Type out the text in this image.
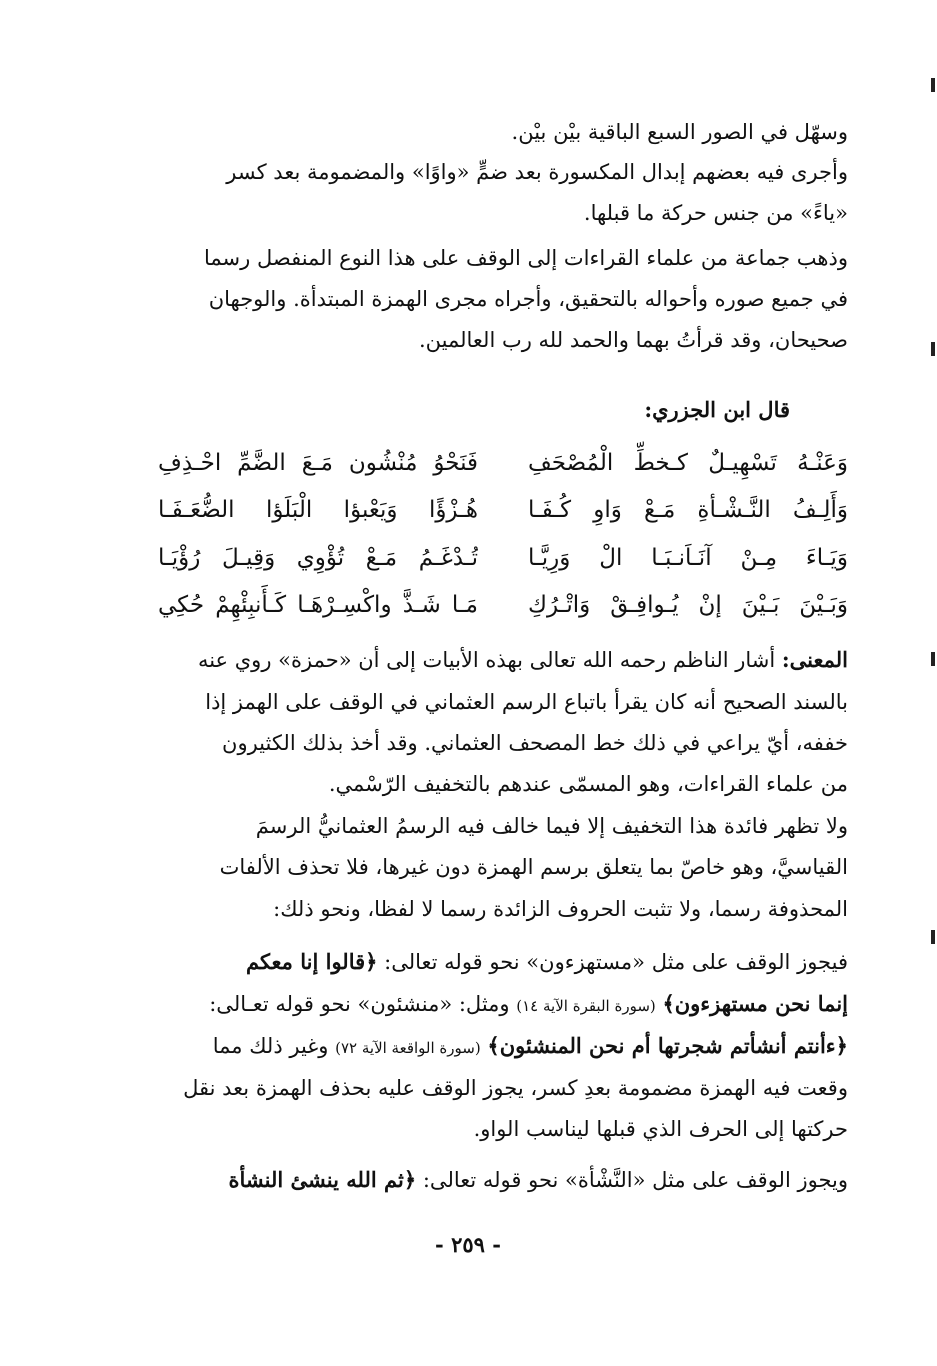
وسهّل في الصور السبع الباقية بيْن بيْن.
وأجرى فيه بعضهم إبدال المكسورة بعد ضمٍّ «واوًا» والمضمومة بعد كسر
«ياءً» من جنس حركة ما قبلها.
وذهب جماعة من علماء القراءات إلى الوقف على هذا النوع المنفصل رسما
في جميع صوره وأحواله بالتحقيق، وأجراه مجرى الهمزة المبتدأة. والوجهان
صحيحان، وقد قرأتُ بهما والحمد لله رب العالمين.
قال ابن الجزري:
وَعَنْـهُ تَسْهِيـلٌ كـخطِّ الْمُصْحَفِ
فَنَحْوُ مُنْشُون مَـعَ الضَّمِّ احْـذِفِ
وَأَلِـفُ النَّـشْـأةِ مَـعْ وَاوِ كُـفَـا
هُـزْؤًا وَيَعْبؤا الْبَلَؤا الضُّعَـفَـا
وَيَـاءَ مِـنْ آنَـاَنـبَـا الْ وَرِيَّـا
تُـدْغَـمُ مَـعْ تُؤْوِي وَقِيـلَ رُؤْيَـا
وَبَـيْنَ بَـيْنَ إنْ يُـوافِـقْ وَاتْـرُكِ
مَـا شَـذَّ واكْسِـرْهَـا كَـأَنبِئْهِمْ حُكِي
المعنى: أشار الناظم رحمه الله تعالى بهذه الأبيات إلى أن «حمزة» روي عنه
بالسند الصحيح أنه كان يقرأ باتباع الرسم العثماني في الوقف على الهمز إذا
خففه، أيّ يراعي في ذلك خط المصحف العثماني. وقد أخذ بذلك الكثيرون
من علماء القراءات، وهو المسمّى عندهم بالتخفيف الرّسْمي.
ولا تظهر فائدة هذا التخفيف إلا فيما خالف فيه الرسمُ العثمانيُّ الرسمَ
القياسيَّ، وهو خاصّ بما يتعلق برسم الهمزة دون غيرها، فلا تحذف الألفات
المحذوفة رسما، ولا تثبت الحروف الزائدة رسما لا لفظا، ونحو ذلك:
فيجوز الوقف على مثل «مستهزءون» نحو قوله تعالى: ﴿قالوا إنا معكم
إنما نحن مستهزءون﴾ (سورة البقرة الآية ١٤) ومثل: «منشئون» نحو قوله تعـالى:
﴿ءأنتم أنشأتم شجرتها أم نحن المنشئون﴾ (سورة الواقعة الآية ٧٢) وغير ذلك مما
وقعت فيه الهمزة مضمومة بعدِ كسر، يجوز الوقف عليه بحذف الهمزة بعد نقل
حركتها إلى الحرف الذي قبلها ليناسب الواو.
ويجوز الوقف على مثل «النَّشْأة» نحو قوله تعالى: ﴿ثم الله ينشئ النشأة
- ٢٥٩ -
